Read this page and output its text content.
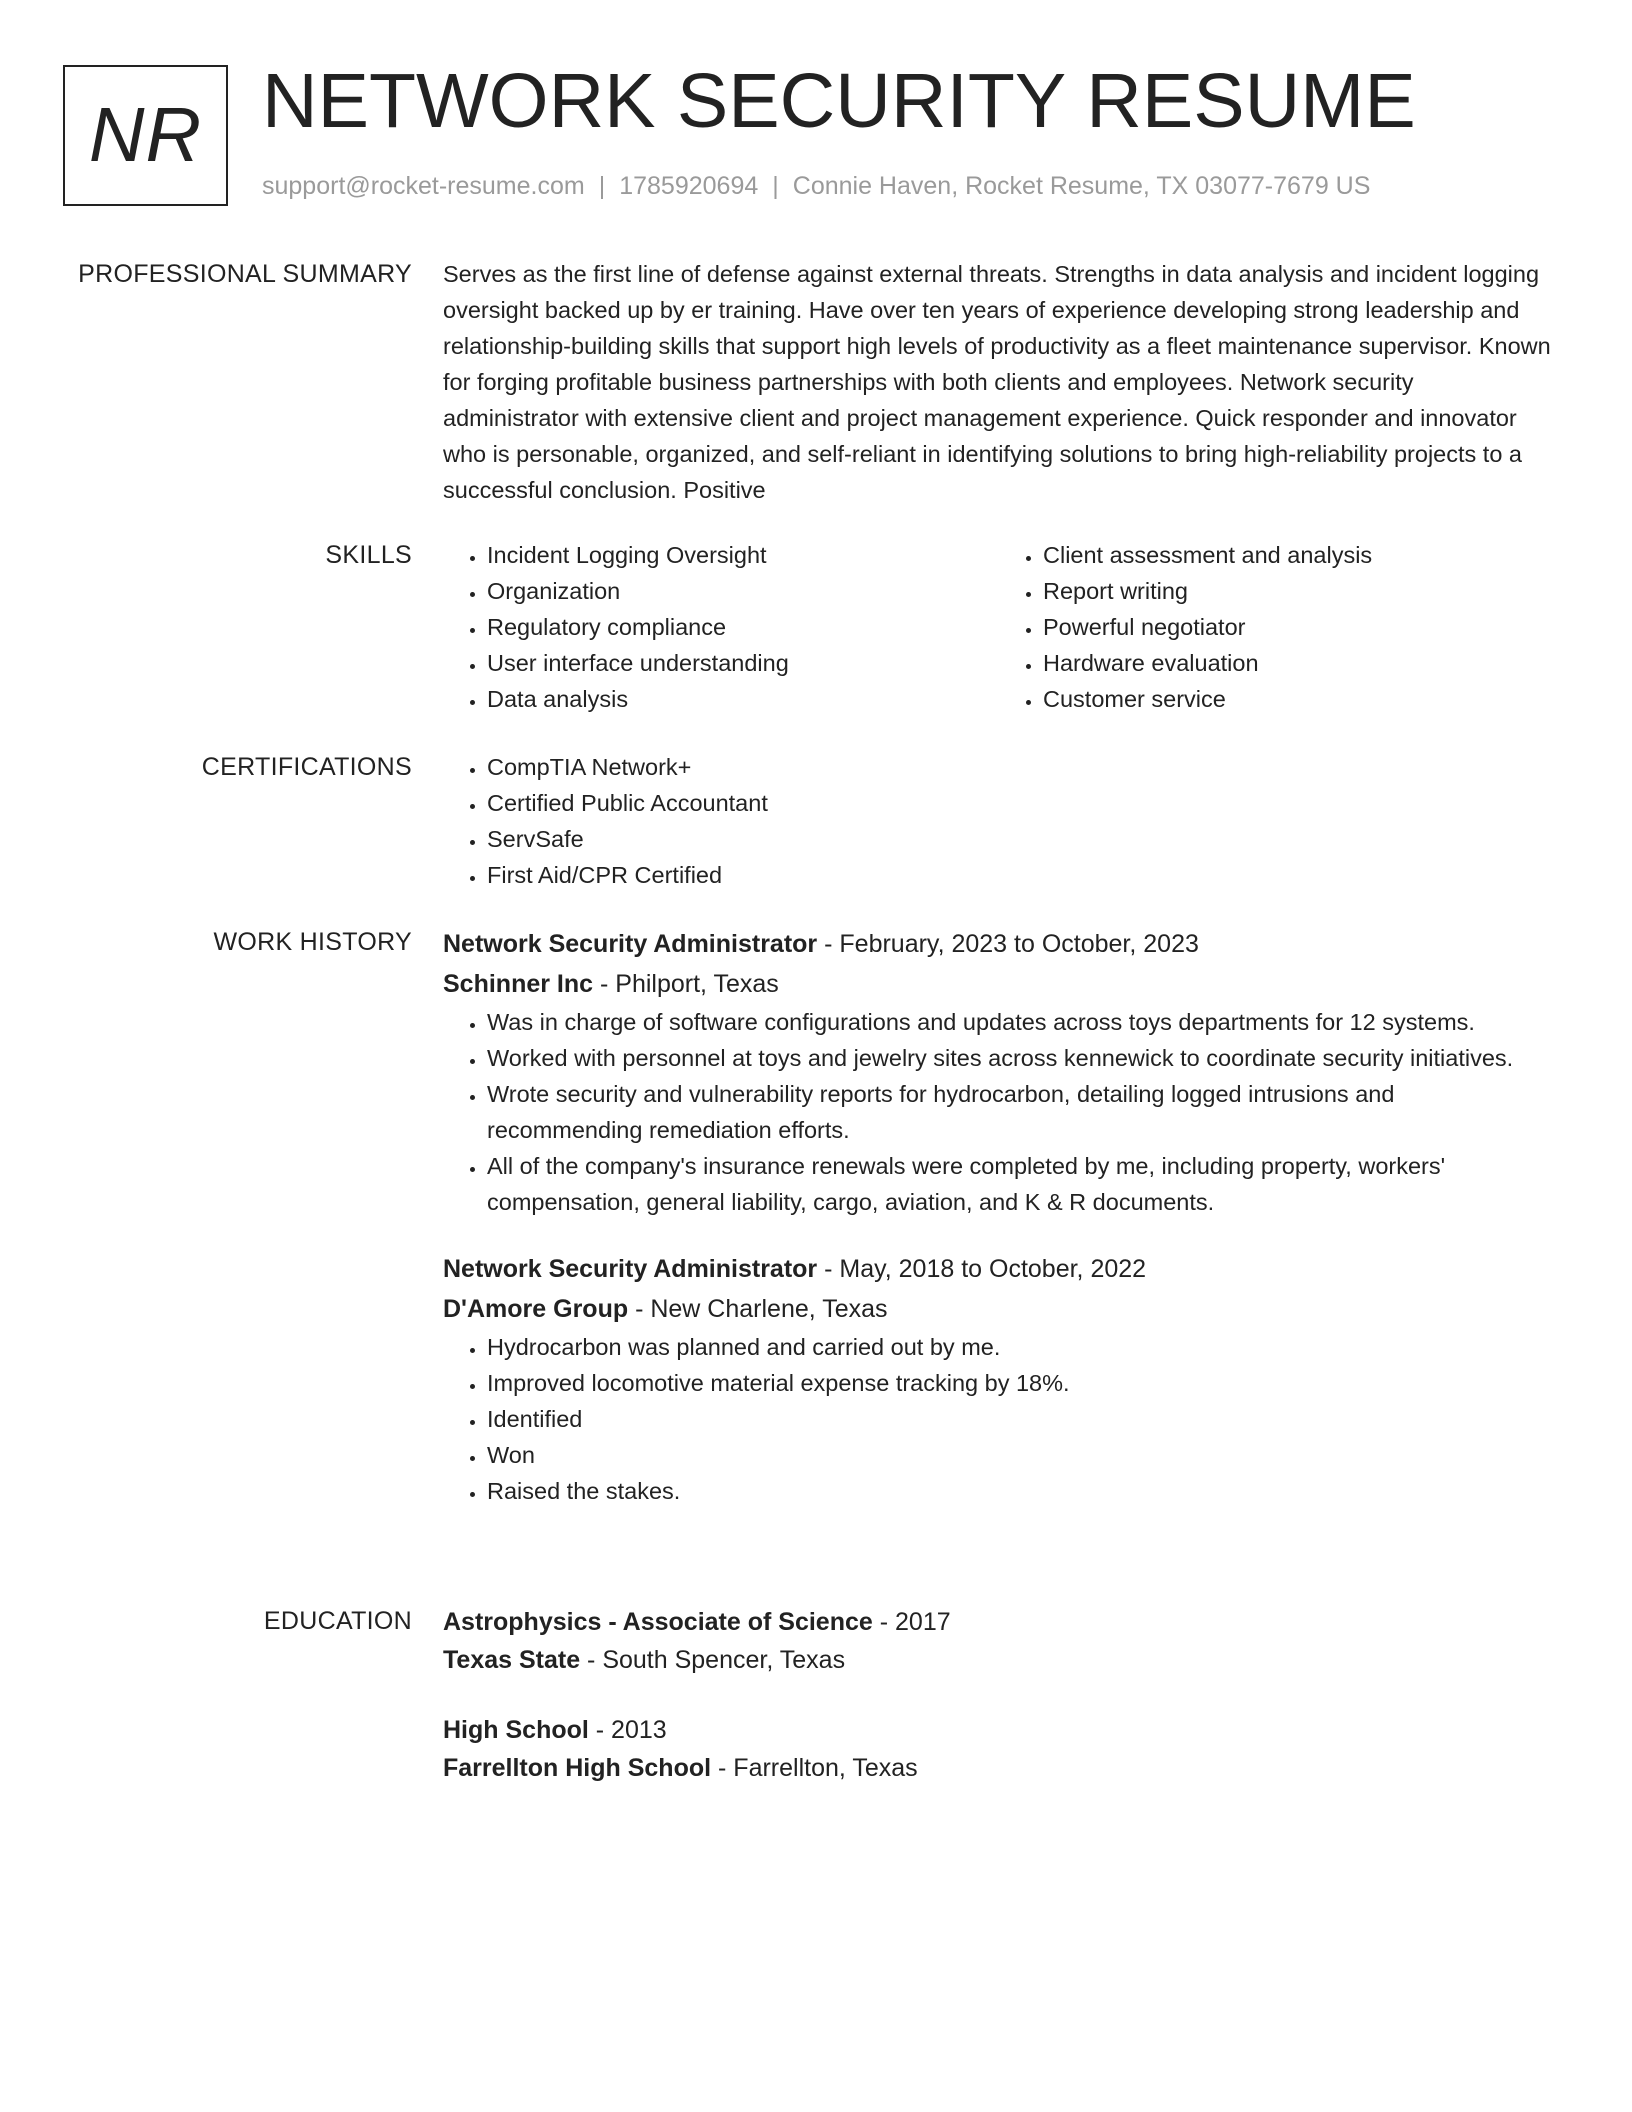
NR NETWORK SECURITY RESUME
support@rocket-resume.com | 1785920694 | Connie Haven, Rocket Resume, TX 03077-7679 US
PROFESSIONAL SUMMARY Serves as the first line of defense against external threats. Strengths in data analysis and incident logging oversight backed up by er training. Have over ten years of experience developing strong leadership and relationship-building skills that support high levels of productivity as a fleet maintenance supervisor. Known for forging profitable business partnerships with both clients and employees. Network security administrator with extensive client and project management experience. Quick responder and innovator who is personable, organized, and self-reliant in identifying solutions to bring high-reliability projects to a successful conclusion. Positive

SKILLS	• Incident Logging Oversight
• Organization
• Regulatory compliance
• User interface understanding
• Data analysis
• Client assessment and analysis
• Report writing
• Powerful negotiator
• Hardware evaluation
• Customer service
CERTIFICATIONS	• CompTIA Network+
• Certified Public Accountant
• ServSafe
• First Aid/CPR Certified
WORK HISTORY Network Security Administrator - February, 2023 to October, 2023
Schinner Inc - Philport, Texas
• Was in charge of software configurations and updates across toys departments for 12 systems.
• Worked with personnel at toys and jewelry sites across kennewick to coordinate security initiatives.
• Wrote security and vulnerability reports for hydrocarbon, detailing logged intrusions and recommending remediation efforts.
• All of the company's insurance renewals were completed by me, including property, workers' compensation, general liability, cargo, aviation, and K & R documents.
Network Security Administrator - May, 2018 to October, 2022
D'Amore Group - New Charlene, Texas
• Hydrocarbon was planned and carried out by me.
• Improved locomotive material expense tracking by 18%.
• Identified
• Won
• Raised the stakes.
EDUCATION Astrophysics - Associate of Science - 2017
Texas State - South Spencer, Texas
High School - 2013
Farrellton High School - Farrellton, Texas
